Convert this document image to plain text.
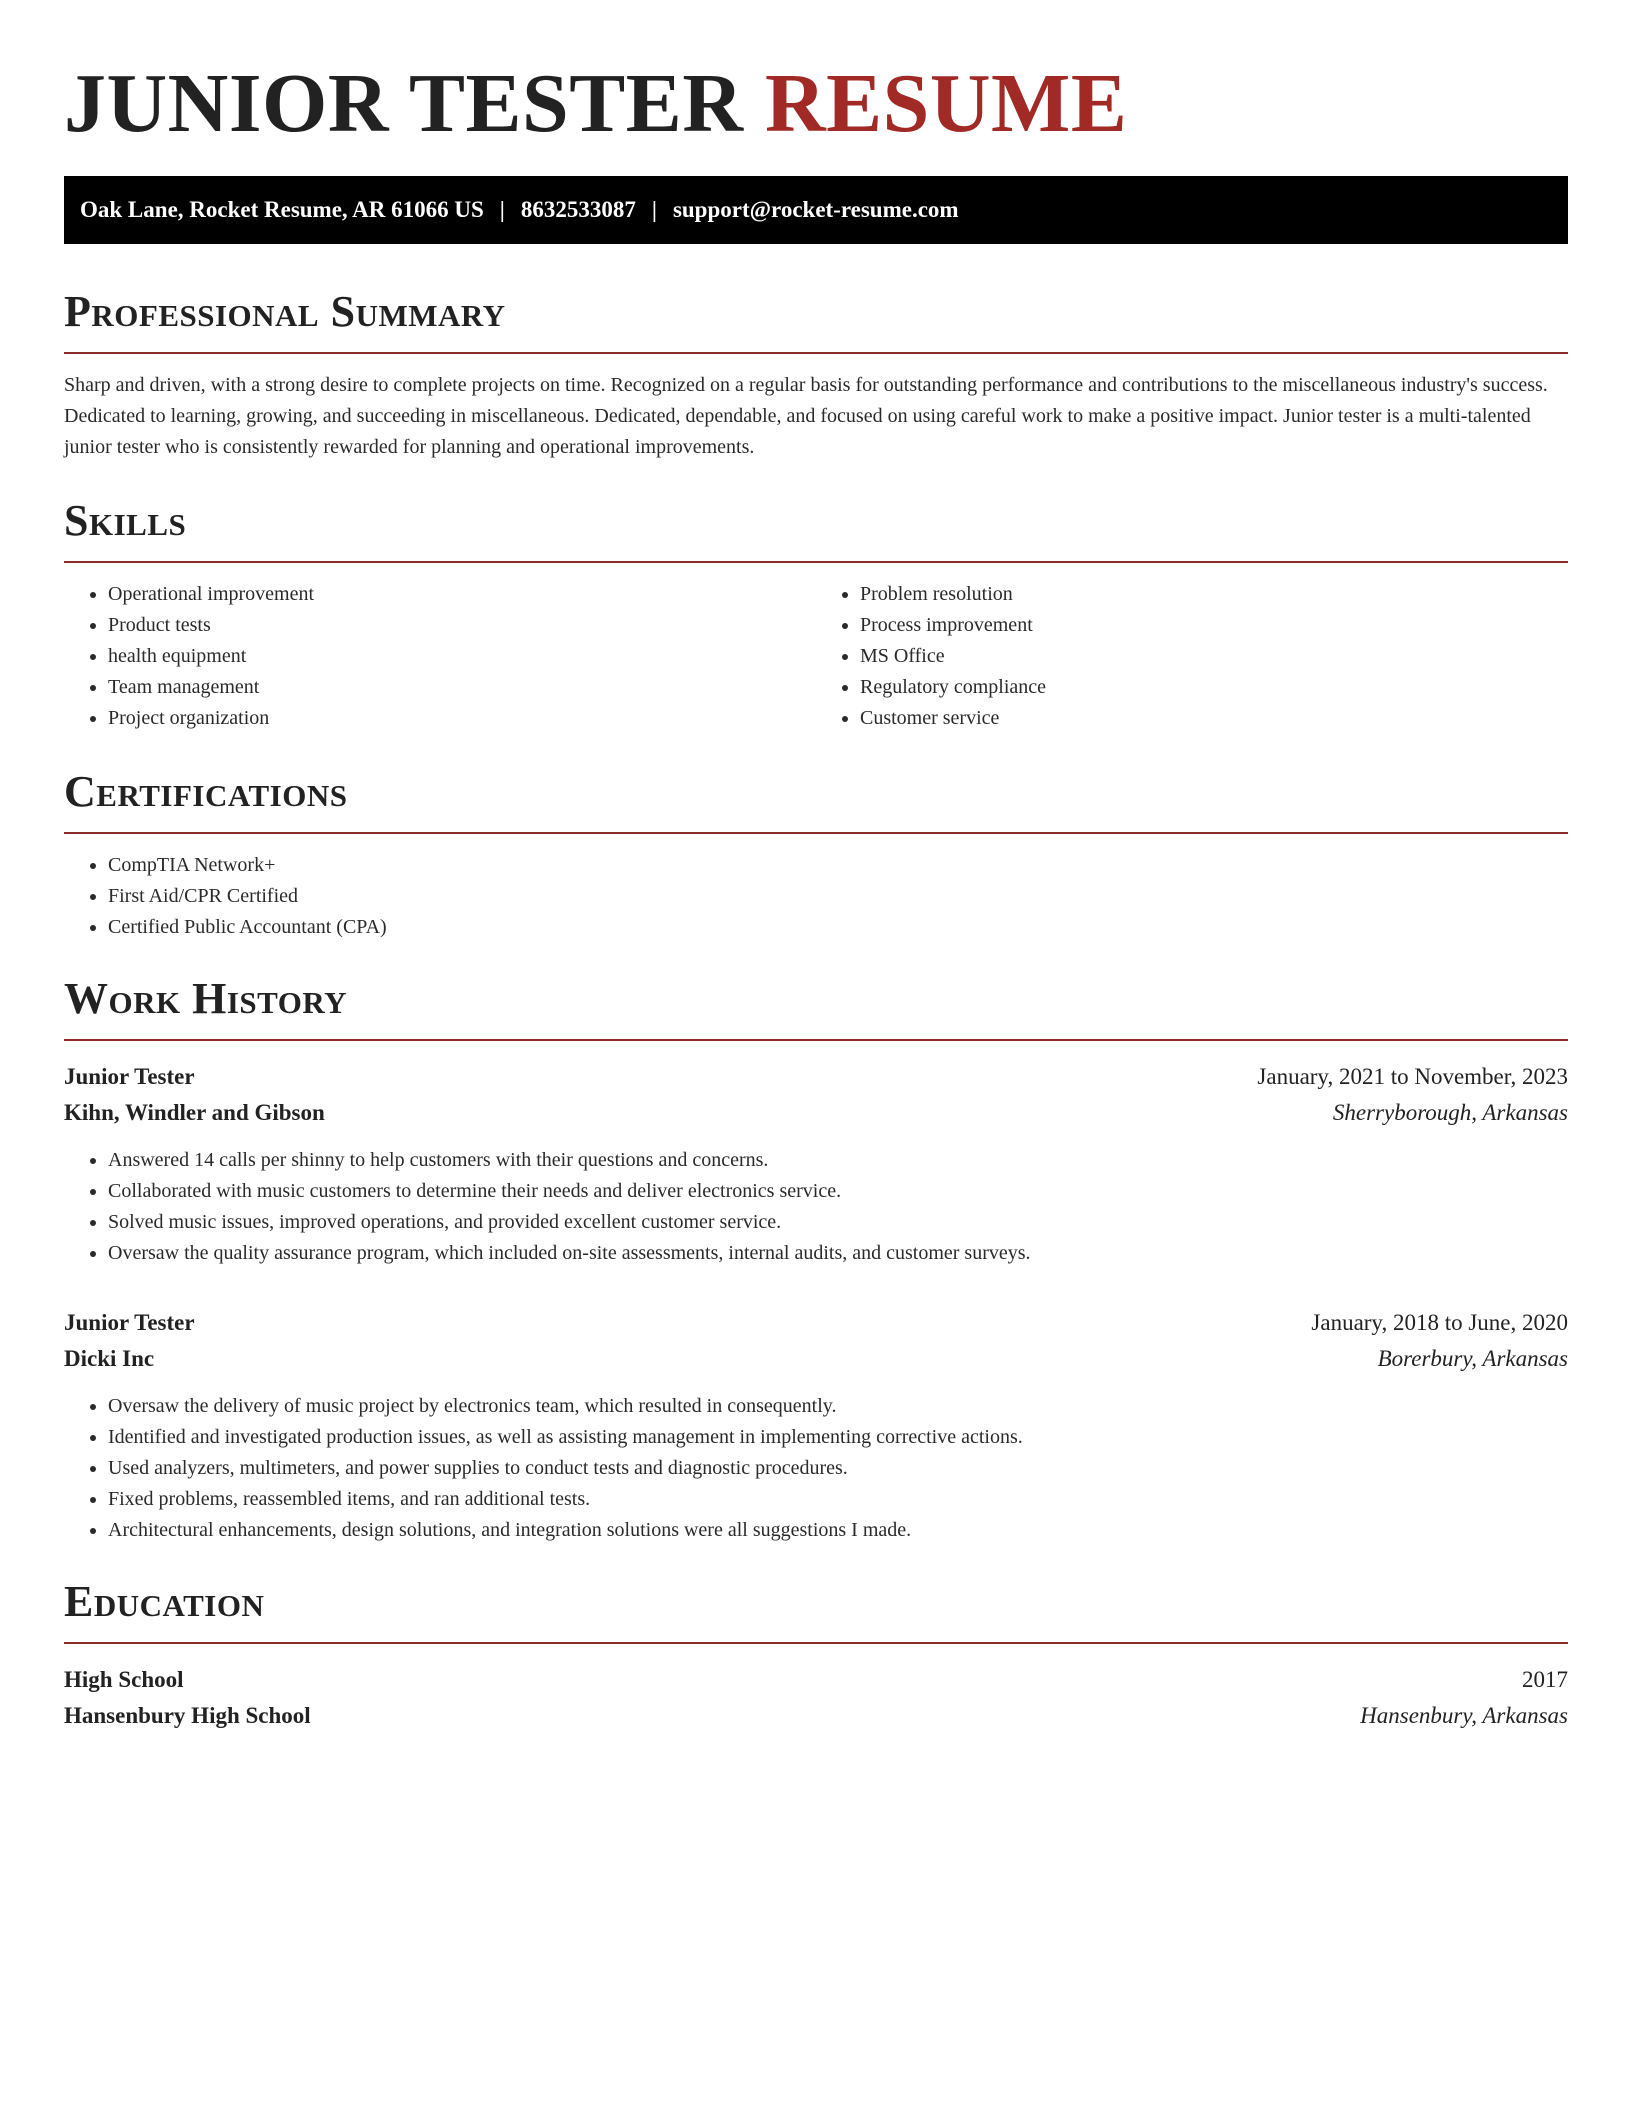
JUNIOR TESTER RESUME
Oak Lane, Rocket Resume, AR 61066 US | 8632533087 | support@rocket-resume.com
Professional Summary

Sharp and driven, with a strong desire to complete projects on time. Recognized on a regular basis for outstanding performance and contributions to the miscellaneous industry's success. Dedicated to learning, growing, and succeeding in miscellaneous. Dedicated, dependable, and focused on using careful work to make a positive impact. Junior tester is a multi-talented junior tester who is consistently rewarded for planning and operational improvements.

Skills
• Operational improvement
• Product tests
• health equipment
• Team management
• Project organization
• Problem resolution
• Process improvement
• MS Office
• Regulatory compliance
• Customer service
Certifications
• CompTIA Network+
• First Aid/CPR Certified
• Certified Public Accountant (CPA)
Work History
Junior Tester	January, 2021 to November, 2023
Kihn, Windler and Gibson	Sherryborough, Arkansas
• Answered 14 calls per shinny to help customers with their questions and concerns.
• Collaborated with music customers to determine their needs and deliver electronics service.
• Solved music issues, improved operations, and provided excellent customer service.
• Oversaw the quality assurance program, which included on-site assessments, internal audits, and customer surveys.
Junior Tester	January, 2018 to June, 2020
Dicki Inc	Borerbury, Arkansas
• Oversaw the delivery of music project by electronics team, which resulted in consequently.
• Identified and investigated production issues, as well as assisting management in implementing corrective actions.
• Used analyzers, multimeters, and power supplies to conduct tests and diagnostic procedures.
• Fixed problems, reassembled items, and ran additional tests.
• Architectural enhancements, design solutions, and integration solutions were all suggestions I made.
Education
High School	2017
Hansenbury High School	Hansenbury, Arkansas
